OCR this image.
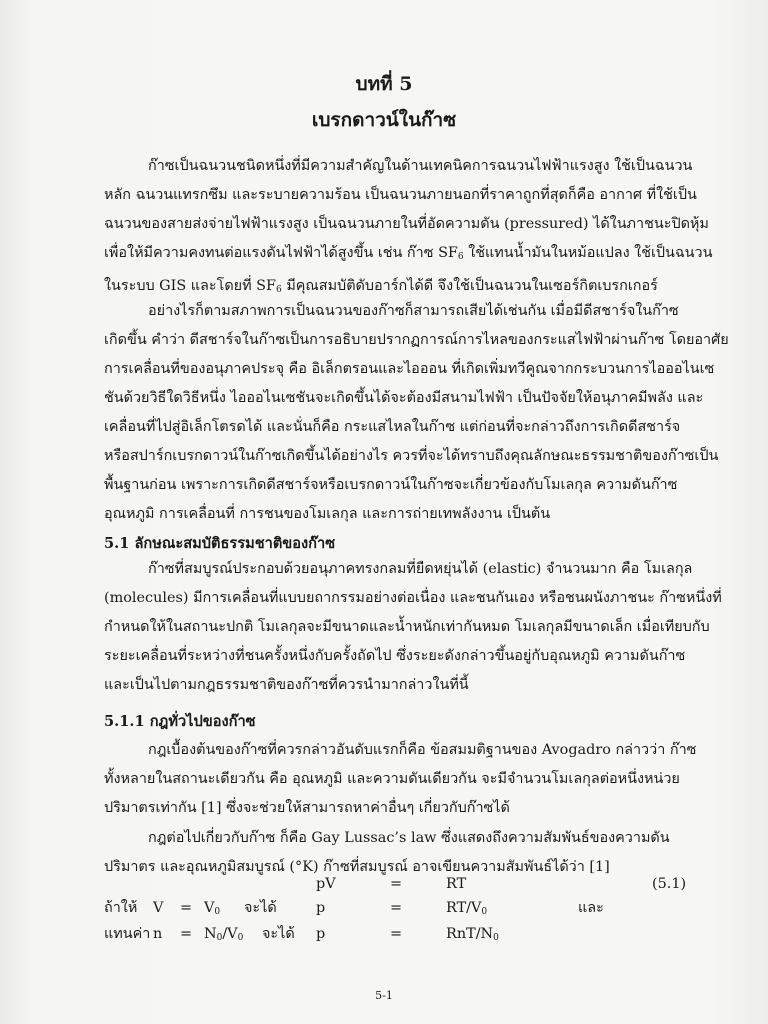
บทที่ 5
เบรกดาวน์ในก๊าซ
ก๊าซเป็นฉนวนชนิดหนึ่งที่มีความสำคัญในด้านเทคนิคการฉนวนไฟฟ้าแรงสูง ใช้เป็นฉนวน
หลัก ฉนวนแทรกซึม และระบายความร้อน เป็นฉนวนภายนอกที่ราคาถูกที่สุดก็คือ อากาศ ที่ใช้เป็น
ฉนวนของสายส่งจ่ายไฟฟ้าแรงสูง เป็นฉนวนภายในที่อัดความดัน (pressured) ได้ในภาชนะปิดหุ้ม
เพื่อให้มีความคงทนต่อแรงดันไฟฟ้าได้สูงขึ้น เช่น ก๊าซ $SF_6$ ใช้แทนน้ำมันในหม้อแปลง ใช้เป็นฉนวน
ในระบบ GIS และโดยที่ $SF_6$ มีคุณสมบัติดับอาร์กได้ดี จึงใช้เป็นฉนวนในเซอร์กิตเบรกเกอร์
อย่างไรก็ตามสภาพการเป็นฉนวนของก๊าซก็สามารถเสียได้เช่นกัน เมื่อมีดีสชาร์จในก๊าซ
เกิดขึ้น คำว่า ดีสชาร์จในก๊าซเป็นการอธิบายปรากฏการณ์การไหลของกระแสไฟฟ้าผ่านก๊าซ โดยอาศัย
การเคลื่อนที่ของอนุภาคประจุ คือ อิเล็กตรอนและไอออน ที่เกิดเพิ่มทวีคูณจากกระบวนการไอออไนเซ
ชันด้วยวิธีใดวิธีหนึ่ง ไอออไนเซชันจะเกิดขึ้นได้จะต้องมีสนามไฟฟ้า เป็นปัจจัยให้อนุภาคมีพลัง และ
เคลื่อนที่ไปสู่อิเล็กโตรดได้ และนั่นก็คือ กระแสไหลในก๊าซ แต่ก่อนที่จะกล่าวถึงการเกิดดีสชาร์จ
หรือสปาร์กเบรกดาวน์ในก๊าซเกิดขึ้นได้อย่างไร ควรที่จะได้ทราบถึงคุณลักษณะธรรมชาติของก๊าซเป็น
พื้นฐานก่อน เพราะการเกิดดีสชาร์จหรือเบรกดาวน์ในก๊าซจะเกี่ยวข้องกับโมเลกุล ความดันก๊าซ
อุณหภูมิ การเคลื่อนที่ การชนของโมเลกุล และการถ่ายเทพลังงาน เป็นต้น
5.1 ลักษณะสมบัติธรรมชาติของก๊าซ
ก๊าซที่สมบูรณ์ประกอบด้วยอนุภาคทรงกลมที่ยืดหยุ่นได้ (elastic) จำนวนมาก คือ โมเลกุล
(molecules) มีการเคลื่อนที่แบบยถากรรมอย่างต่อเนื่อง และชนกันเอง หรือชนผนังภาชนะ ก๊าซหนึ่งที่
กำหนดให้ในสถานะปกติ โมเลกุลจะมีขนาดและน้ำหนักเท่ากันหมด โมเลกุลมีขนาดเล็ก เมื่อเทียบกับ
ระยะเคลื่อนที่ระหว่างที่ชนครั้งหนึ่งกับครั้งถัดไป ซึ่งระยะดังกล่าวขึ้นอยู่กับอุณหภูมิ ความดันก๊าซ
และเป็นไปตามกฎธรรมชาติของก๊าซที่ควรนำมากล่าวในที่นี้
5.1.1 กฎทั่วไปของก๊าซ
กฎเบื้องต้นของก๊าซที่ควรกล่าวอันดับแรกก็คือ ข้อสมมติฐานของ Avogadro กล่าวว่า ก๊าซ
ทั้งหลายในสถานะเดียวกัน คือ อุณหภูมิ และความดันเดียวกัน จะมีจำนวนโมเลกุลต่อหนึ่งหน่วย
ปริมาตรเท่ากัน [1] ซึ่งจะช่วยให้สามารถหาค่าอื่นๆ เกี่ยวกับก๊าซได้
กฎต่อไปเกี่ยวกับก๊าซ ก็คือ Gay Lussac’s law ซึ่งแสดงถึงความสัมพันธ์ของความดัน
ปริมาตร และอุณหภูมิสมบูรณ์ (°K) ก๊าซที่สมบูรณ์ อาจเขียนความสัมพันธ์ได้ว่า [1]
pV	=	RT	(5.1)
ถ้าให้ $V = V_0$ จะได้	p	=	$RT/V_0$	และ
แทนค่า $n = N_0/V_0$ จะได้ p	=	RnT/$N_0$
5-1
